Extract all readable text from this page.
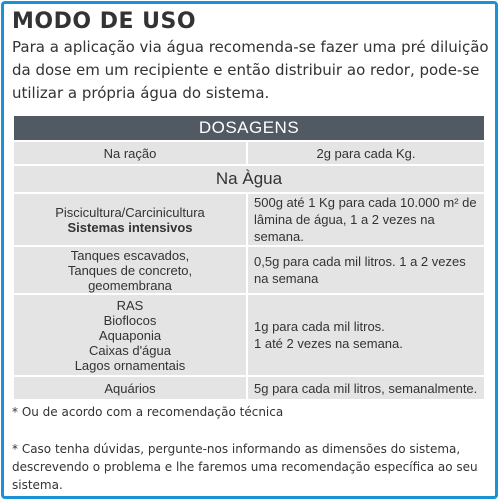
MODO DE USO

Para a aplicação via água recomenda-se fazer uma pré diluição da dose em um recipiente e então distribuir ao redor, pode-se utilizar a própria água do sistema.

DOSAGENS	
Na ração	2g para cada Kg.
Na Àgua	

Piscicultura/Carcinicultura
Sistemas intensivos	500g até 1 Kg para cada 10.000 m² de lâmina de água, 1 a 2 vezes na semana.

Tanques escavados,
Tanques de concreto,
geomembrana	0,5g para cada mil litros. 1 a 2 vezes na semana

RAS
Bioflocos
Aquaponia
Caixas d'água
Lagos ornamentais	1g para cada mil litros.
1 até 2 vezes na semana.

Aquários	5g para cada mil litros, semanalmente.

* Ou de acordo com a recomendação técnica

* Caso tenha dúvidas, pergunte-nos informando as dimensões do sistema, descrevendo o problema e lhe faremos uma recomendação específica ao seu sistema.
